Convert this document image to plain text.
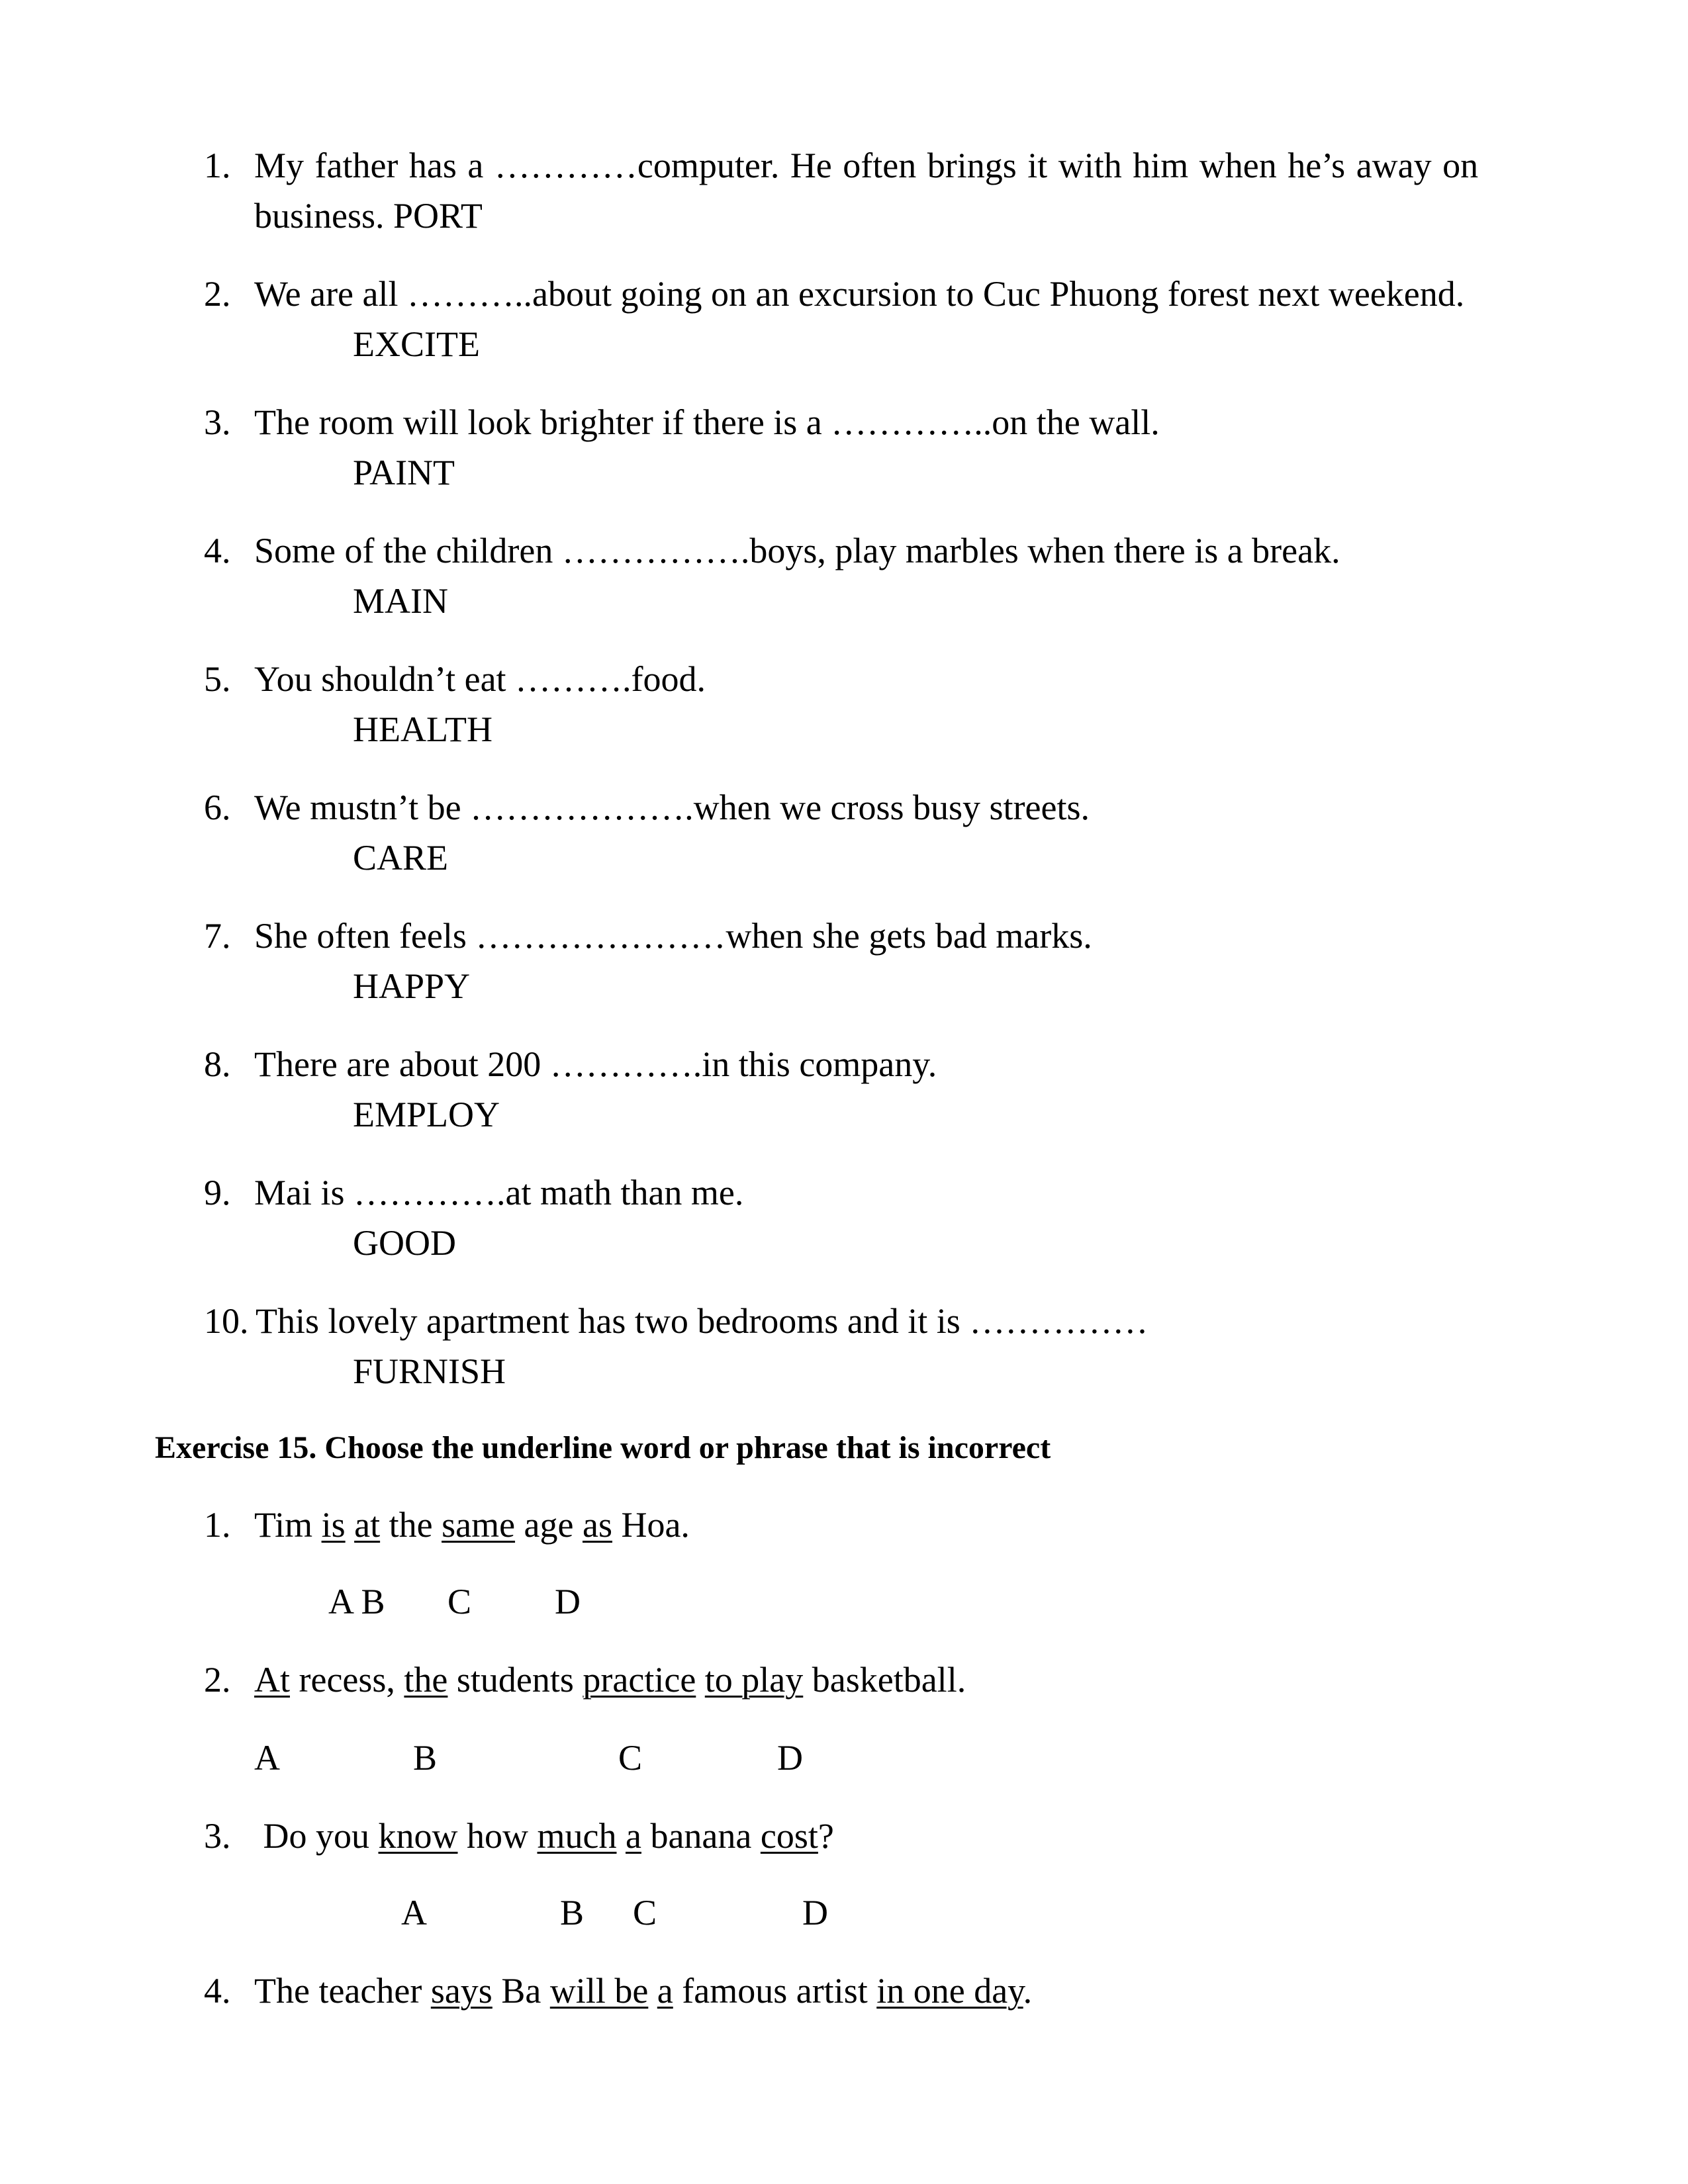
1. My father has a …………computer. He often brings it with him when he’s away on
business. PORT
2. We are all ………..about going on an excursion to Cuc Phuong forest next weekend.
EXCITE
3. The room will look brighter if there is a …………..on the wall.
PAINT
4. Some of the children …………….boys, play marbles when there is a break.
MAIN
5. You shouldn’t eat ……….food.
HEALTH
6. We mustn’t be ……………….when we cross busy streets.
CARE
7. She often feels …………………when she gets bad marks.
HAPPY
8. There are about 200 ………….in this company.
EMPLOY
9. Mai is ………….at math than me.
GOOD
10. This lovely apartment has two bedrooms and it is ……………
FURNISH
Exercise 15. Choose the underline word or phrase that is incorrect
1. Tim is at the same age as Hoa.
A B C D
2. At recess, the students practice to play basketball.
A	B	C	D
3. Do you know how much a banana cost?
A	B C	D
4. The teacher says Ba will be a famous artist in one day.
